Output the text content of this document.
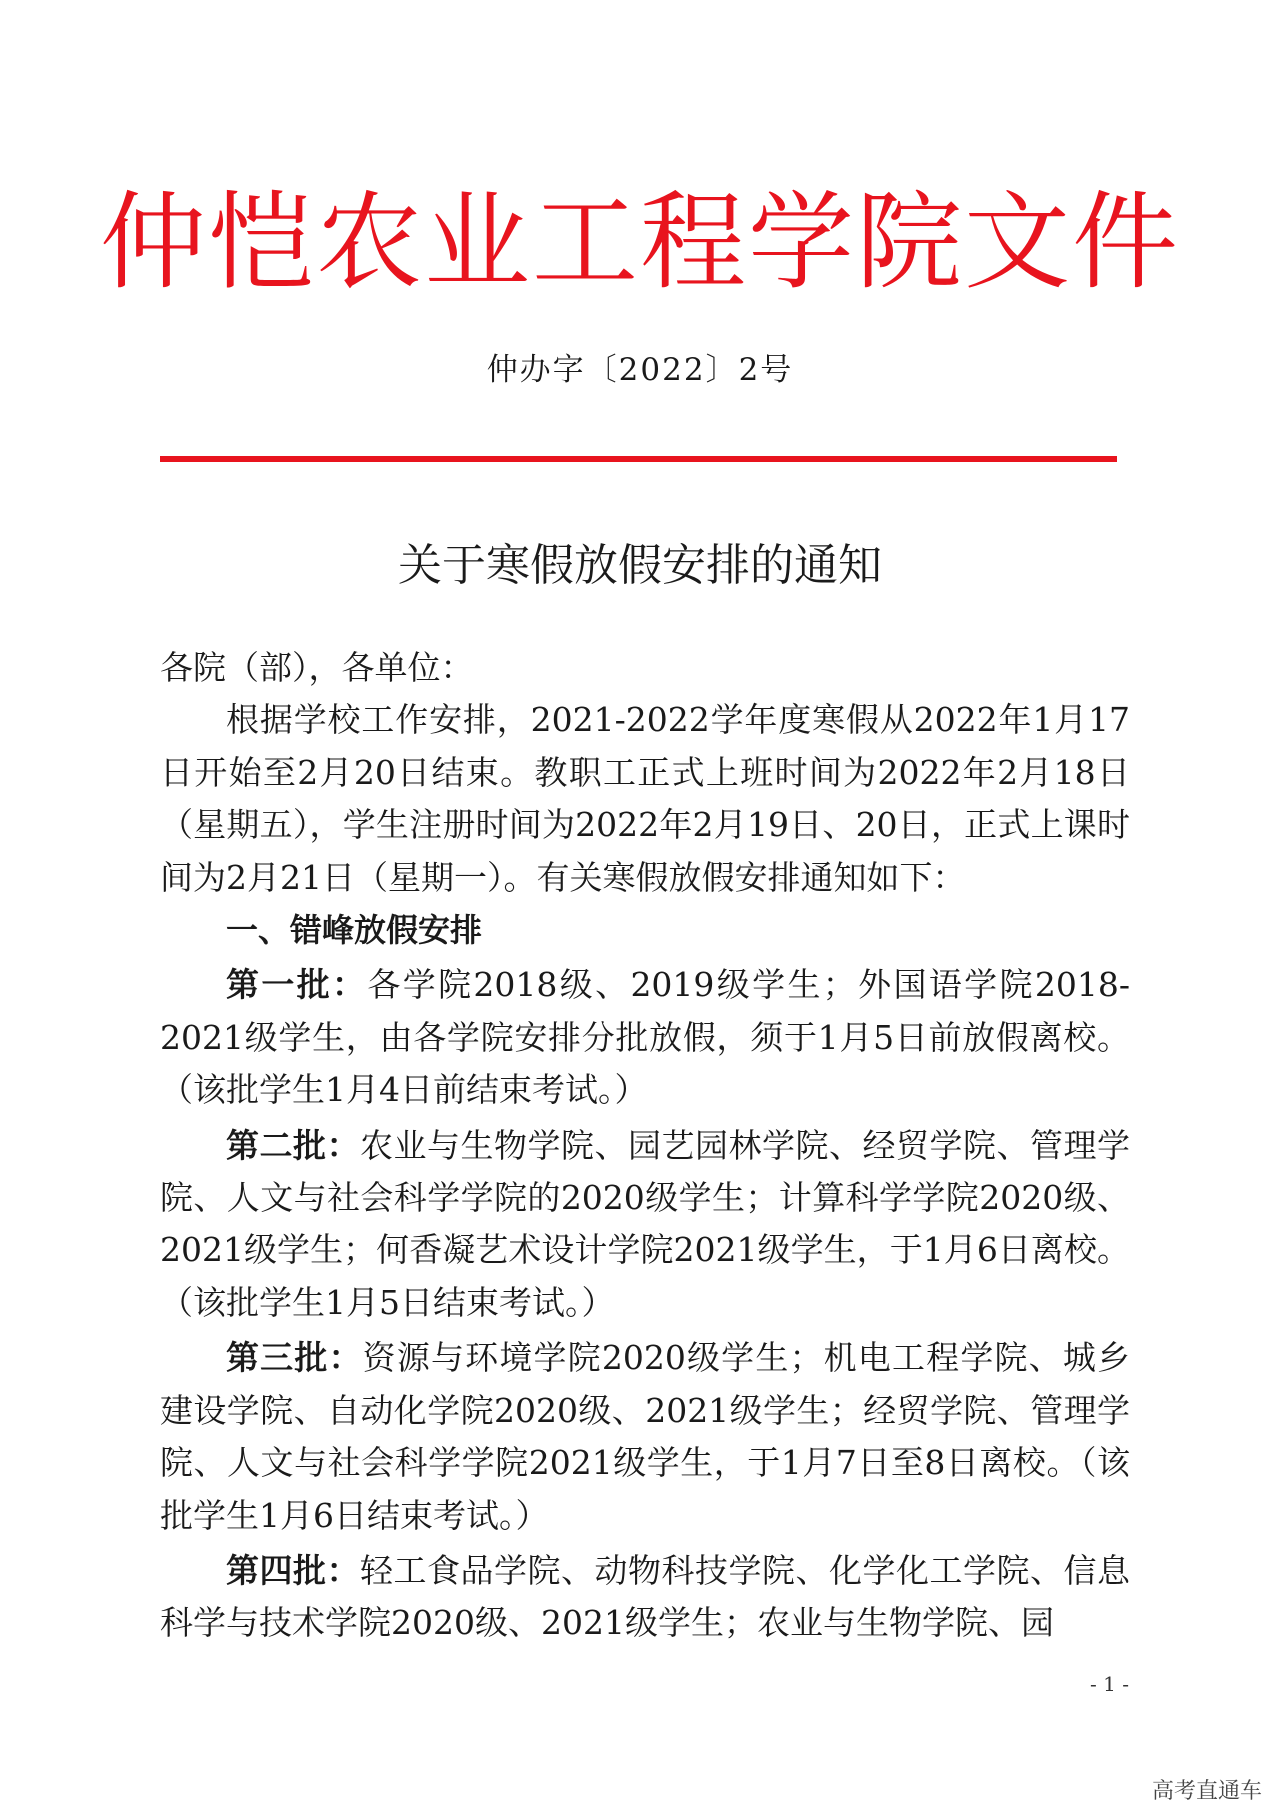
仲恺农业工程学院文件
仲办字〔2022〕2号
关于寒假放假安排的通知

各院（部），各单位：

根据学校工作安排，2021-2022学年度寒假从2022年1月17日开始至2月20日结束。教职工正式上班时间为2022年2月18日（星期五），学生注册时间为2022年2月19日、20日，正式上课时间为2月21日（星期一）。有关寒假放假安排通知如下：

一、错峰放假安排

第一批：各学院2018级、2019级学生；外国语学院2018-2021级学生，由各学院安排分批放假，须于1月5日前放假离校。（该批学生1月4日前结束考试。）

第二批：农业与生物学院、园艺园林学院、经贸学院、管理学院、人文与社会科学学院的2020级学生；计算科学学院2020级、2021级学生；何香凝艺术设计学院2021级学生，于1月6日离校。（该批学生1月5日结束考试。）

第三批：资源与环境学院2020级学生；机电工程学院、城乡建设学院、自动化学院2020级、2021级学生；经贸学院、管理学院、人文与社会科学学院2021级学生，于1月7日至8日离校。（该批学生1月6日结束考试。）

第四批：轻工食品学院、动物科技学院、化学化工学院、信息科学与技术学院2020级、2021级学生；农业与生物学院、园

- 1 -
高考直通车
